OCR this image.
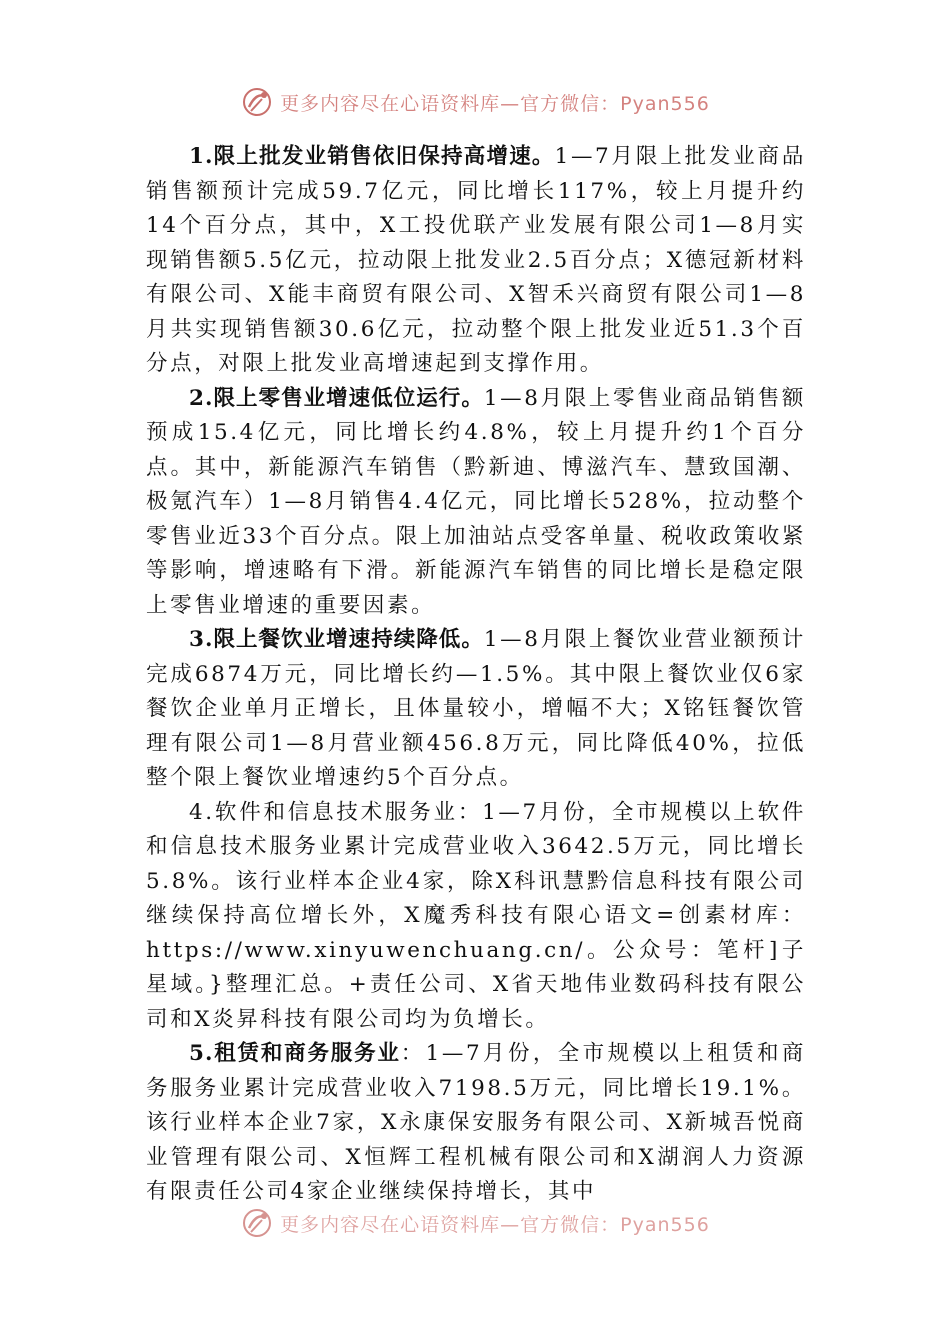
更多内容尽在心语资料库—官方微信：Pyan556

1.限上批发业销售依旧保持高增速。1—7月限上批发业商品销售额预计完成59.7亿元，同比增长117%，较上月提升约14个百分点，其中，X工投优联产业发展有限公司1—8月实现销售额5.5亿元，拉动限上批发业2.5百分点；X德冠新材料有限公司、X能丰商贸有限公司、X智禾兴商贸有限公司1—8月共实现销售额30.6亿元，拉动整个限上批发业近51.3个百分点，对限上批发业高增速起到支撑作用。

2.限上零售业增速低位运行。1—8月限上零售业商品销售额预成15.4亿元，同比增长约4.8%，较上月提升约1个百分点。其中，新能源汽车销售（黔新迪、博滋汽车、慧致国潮、极氪汽车）1—8月销售4.4亿元，同比增长528%，拉动整个零售业近33个百分点。限上加油站点受客单量、税收政策收紧等影响，增速略有下滑。新能源汽车销售的同比增长是稳定限上零售业增速的重要因素。

3.限上餐饮业增速持续降低。1—8月限上餐饮业营业额预计完成6874万元，同比增长约—1.5%。其中限上餐饮业仅6家餐饮企业单月正增长，且体量较小，增幅不大；X铭钰餐饮管理有限公司1—8月营业额456.8万元，同比降低40%，拉低整个限上餐饮业增速约5个百分点。

4.软件和信息技术服务业：1—7月份，全市规模以上软件和信息技术服务业累计完成营业收入3642.5万元，同比增长5.8%。该行业样本企业4家，除X科讯慧黔信息科技有限公司继续保持高位增长外，X魔秀科技有限心语文=创素材库：https://www.xinyuwenchuang.cn/。公众号：笔杆]子星域。}整理汇总。+责任公司、X省天地伟业数码科技有限公司和X炎昇科技有限公司均为负增长。

5.租赁和商务服务业：1—7月份，全市规模以上租赁和商务服务业累计完成营业收入7198.5万元，同比增长19.1%。该行业样本企业7家，X永康保安服务有限公司、X新城吾悦商业管理有限公司、X恒辉工程机械有限公司和X湖润人力资源有限责任公司4家企业继续保持增长，其中

更多内容尽在心语资料库—官方微信：Pyan556
